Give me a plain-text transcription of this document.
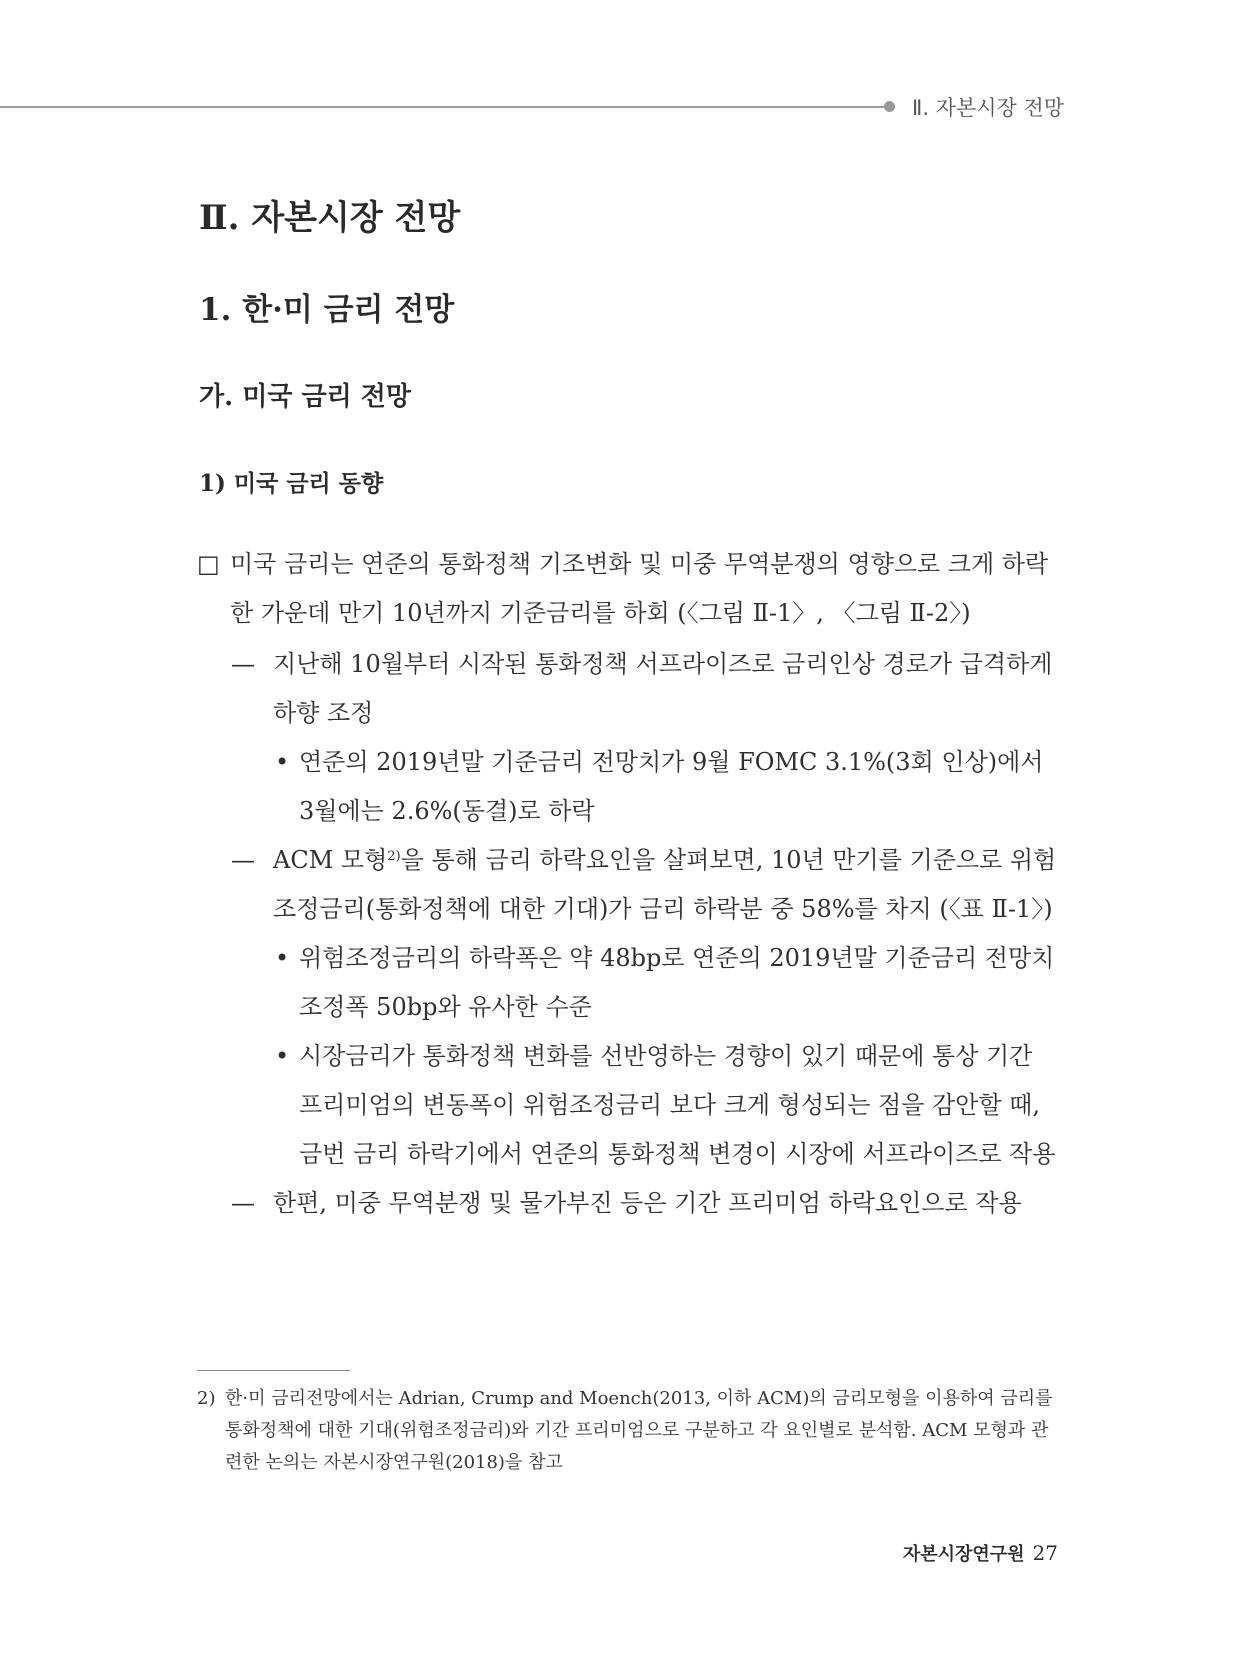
Ⅱ. 자본시장 전망
Ⅱ. 자본시장 전망
1. 한·미 금리 전망
가. 미국 금리 전망
1) 미국 금리 동향
□ 미국 금리는 연준의 통화정책 기조변화 및 미중 무역분쟁의 영향으로 크게 하락한 가운데 만기 10년까지 기준금리를 하회 (〈그림 Ⅱ-1〉, 〈그림 Ⅱ-2〉)
— 지난해 10월부터 시작된 통화정책 서프라이즈로 금리인상 경로가 급격하게 하향 조정
• 연준의 2019년말 기준금리 전망치가 9월 FOMC 3.1%(3회 인상)에서 3월에는 2.6%(동결)로 하락
— ACM 모형$^{2)}$을 통해 금리 하락요인을 살펴보면, 10년 만기를 기준으로 위험조정금리(통화정책에 대한 기대)가 금리 하락분 중 58%를 차지 (〈표 Ⅱ-1〉)
• 위험조정금리의 하락폭은 약 48bp로 연준의 2019년말 기준금리 전망치 조정폭 50bp와 유사한 수준
• 시장금리가 통화정책 변화를 선반영하는 경향이 있기 때문에 통상 기간 프리미엄의 변동폭이 위험조정금리 보다 크게 형성되는 점을 감안할 때, 금번 금리 하락기에서 연준의 통화정책 변경이 시장에 서프라이즈로 작용
— 한편, 미중 무역분쟁 및 물가부진 등은 기간 프리미엄 하락요인으로 작용
2) 한·미 금리전망에서는 Adrian, Crump and Moench(2013, 이하 ACM)의 금리모형을 이용하여 금리를 통화정책에 대한 기대(위험조정금리)와 기간 프리미엄으로 구분하고 각 요인별로 분석함. ACM 모형과 관련한 논의는 자본시장연구원(2018)을 참고
자본시장연구원 27
